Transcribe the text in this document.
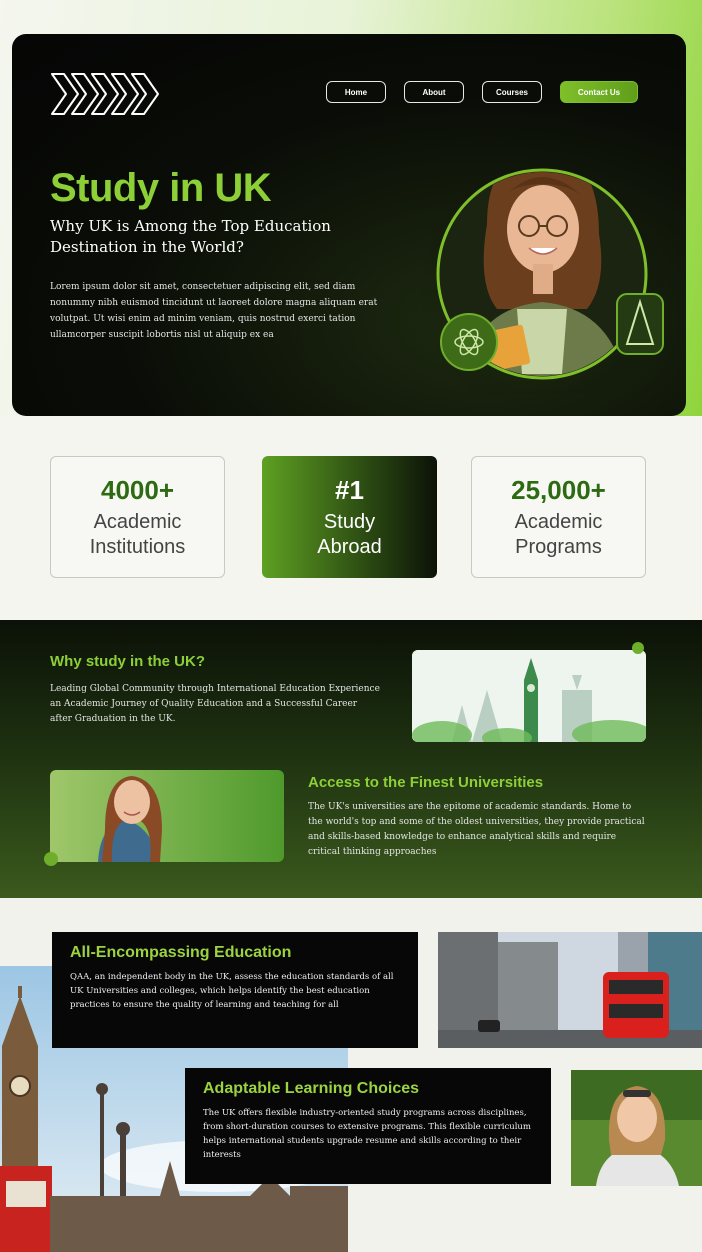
Home	About	Courses	Contact Us
Study in UK

Why UK is Among the Top Education Destination in the World?

Lorem ipsum dolor sit amet, consectetuer adipiscing elit, sed diam nonummy nibh euismod tincidunt ut laoreet dolore magna aliquam erat volutpat. Ut wisi enim ad minim veniam, quis nostrud exerci tation ullamcorper suscipit lobortis nisl ut aliquip ex ea

4000+
Academic
Institutions
#1
Study
Abroad
25,000+
Academic
Programs
Why study in the UK?

Leading Global Community through International Education Experience an Academic Journey of Quality Education and a Successful Career after Graduation in the UK.

Access to the Finest Universities

The UK's universities are the epitome of academic standards. Home to the world's top and some of the oldest universities, they provide practical and skills-based knowledge to enhance analytical skills and require critical thinking approaches

All-Encompassing Education

QAA, an independent body in the UK, assess the education standards of all UK Universities and colleges, which helps identify the best education practices to ensure the quality of learning and teaching for all

Adaptable Learning Choices

The UK offers flexible industry-oriented study programs across disciplines, from short-duration courses to extensive programs. This flexible curriculum helps international students upgrade resume and skills according to their interests
